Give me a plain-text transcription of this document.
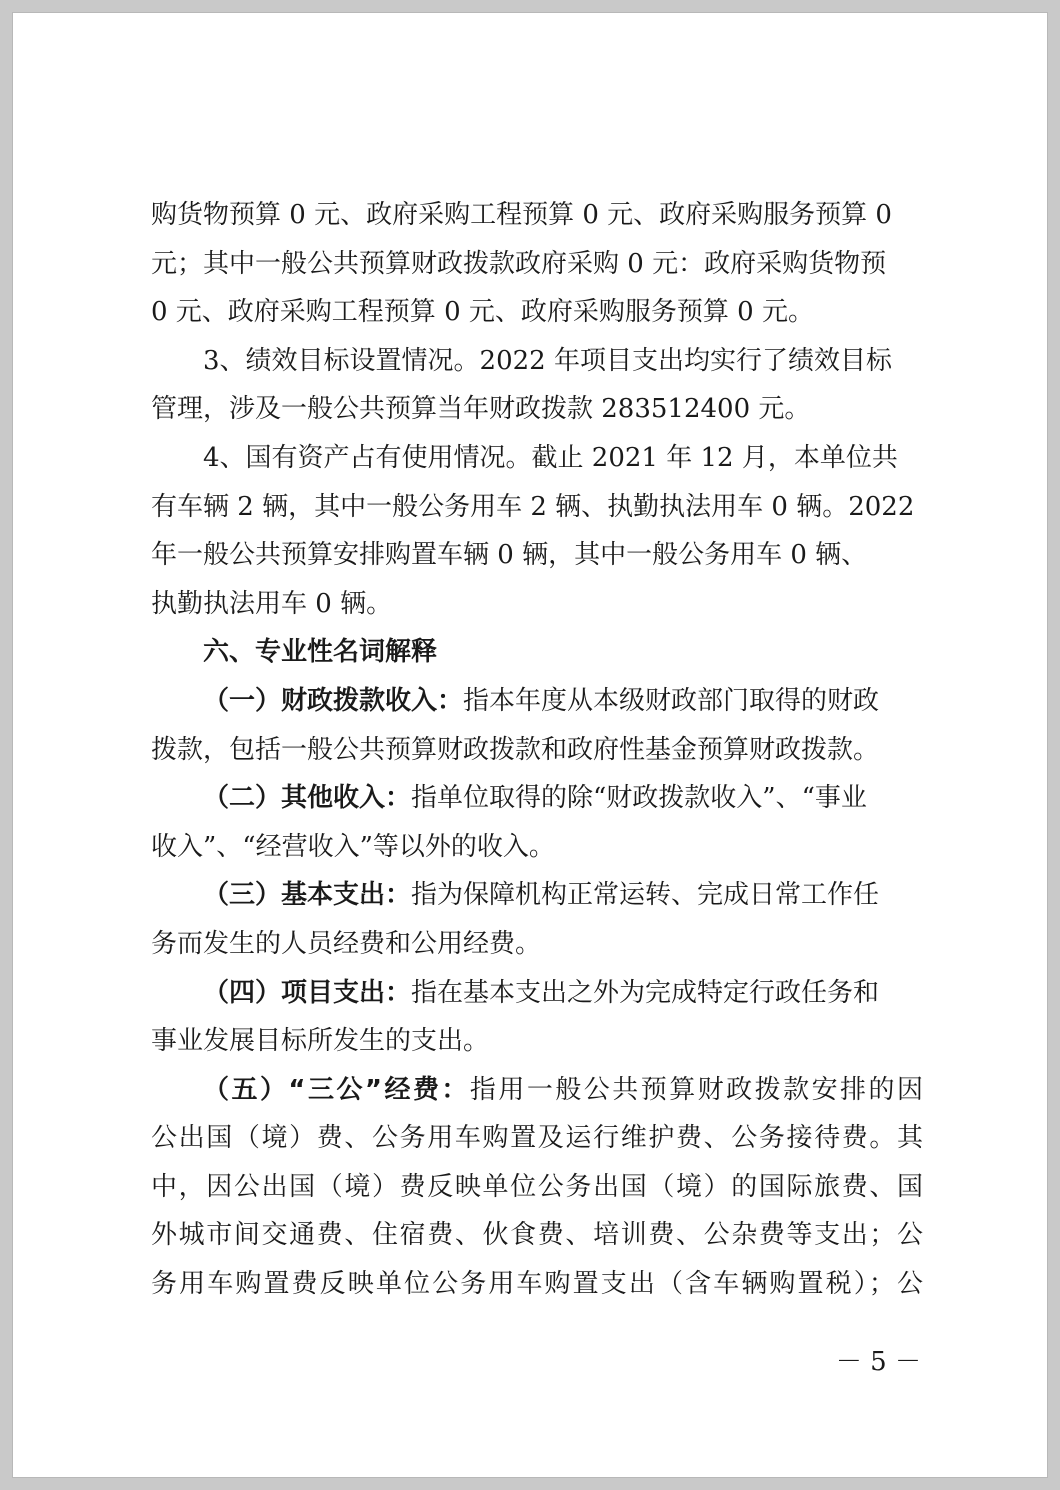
购货物预算 0 元、政府采购工程预算 0 元、政府采购服务预算 0
元；其中一般公共预算财政拨款政府采购 0 元：政府采购货物预
0 元、政府采购工程预算 0 元、政府采购服务预算 0 元。

3、绩效目标设置情况。2022 年项目支出均实行了绩效目标
管理，涉及一般公共预算当年财政拨款 283512400 元。

4、国有资产占有使用情况。截止 2021 年 12 月，本单位共
有车辆 2 辆，其中一般公务用车 2 辆、执勤执法用车 0 辆。2022
年一般公共预算安排购置车辆 0 辆，其中一般公务用车 0 辆、
执勤执法用车 0 辆。

六、专业性名词解释

（一）财政拨款收入：指本年度从本级财政部门取得的财政
拨款，包括一般公共预算财政拨款和政府性基金预算财政拨款。

（二）其他收入：指单位取得的除“财政拨款收入”、“事业
收入”、“经营收入”等以外的收入。

（三）基本支出：指为保障机构正常运转、完成日常工作任
务而发生的人员经费和公用经费。

（四）项目支出：指在基本支出之外为完成特定行政任务和
事业发展目标所发生的支出。

（五）“三公”经费：指用一般公共预算财政拨款安排的因
公出国（境）费、公务用车购置及运行维护费、公务接待费。其
中，因公出国（境）费反映单位公务出国（境）的国际旅费、国
外城市间交通费、住宿费、伙食费、培训费、公杂费等支出；公
务用车购置费反映单位公务用车购置支出（含车辆购置税）；公

－ 5 －
